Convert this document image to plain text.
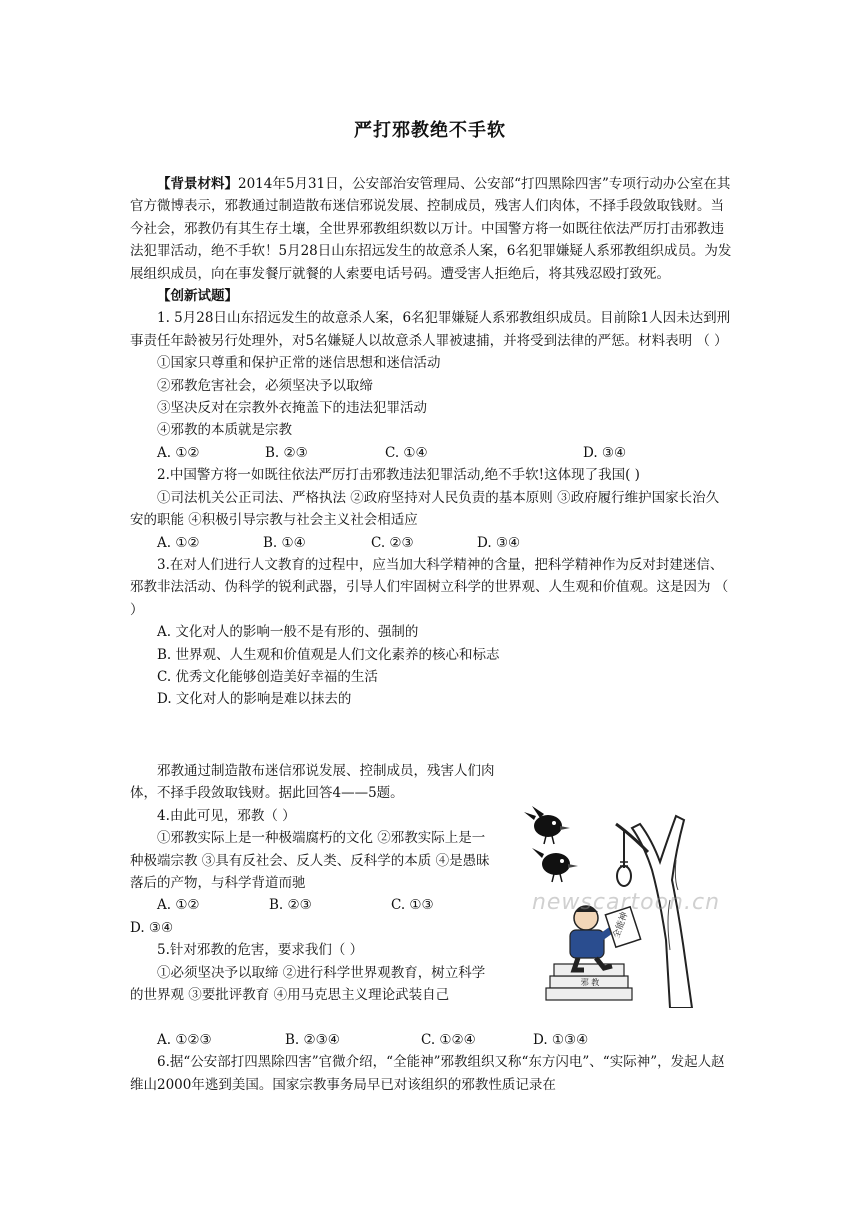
严打邪教绝不手软

【背景材料】2014年5月31日，公安部治安管理局、公安部“打四黑除四害”专项行动办公室在其官方微博表示，邪教通过制造散布迷信邪说发展、控制成员，残害人们肉体，不择手段敛取钱财。当今社会，邪教仍有其生存土壤，全世界邪教组织数以万计。中国警方将一如既往依法严厉打击邪教违法犯罪活动，绝不手软！5月28日山东招远发生的故意杀人案，6名犯罪嫌疑人系邪教组织成员。为发展组织成员，向在事发餐厅就餐的人索要电话号码。遭受害人拒绝后，将其残忍殴打致死。

【创新试题】

1. 5月28日山东招远发生的故意杀人案，6名犯罪嫌疑人系邪教组织成员。目前除1人因未达到刑事责任年龄被另行处理外，对5名嫌疑人以故意杀人罪被逮捕，并将受到法律的严惩。材料表明 （ ）

①国家只尊重和保护正常的迷信思想和迷信活动

②邪教危害社会，必须坚决予以取缔

③坚决反对在宗教外衣掩盖下的违法犯罪活动

④邪教的本质就是宗教

A. ①②	B. ②③	C. ①④	D. ③④

2.中国警方将一如既往依法严厉打击邪教违法犯罪活动,绝不手软!这体现了我国( )

①司法机关公正司法、严格执法 ②政府坚持对人民负责的基本原则 ③政府履行维护国家长治久安的职能 ④积极引导宗教与社会主义社会相适应

A. ①②	B. ①④	C. ②③	D. ③④

3.在对人们进行人文教育的过程中，应当加大科学精神的含量，把科学精神作为反对封建迷信、邪教非法活动、伪科学的锐利武器，引导人们牢固树立科学的世界观、人生观和价值观。这是因为 （ ）

A. 文化对人的影响一般不是有形的、强制的

B. 世界观、人生观和价值观是人们文化素养的核心和标志

C. 优秀文化能够创造美好幸福的生活

D. 文化对人的影响是难以抹去的

邪教通过制造散布迷信邪说发展、控制成员，残害人们肉体，不择手段敛取钱财。据此回答4——5题。

4.由此可见，邪教（ ）

①邪教实际上是一种极端腐朽的文化 ②邪教实际上是一种极端宗教 ③具有反社会、反人类、反科学的本质 ④是愚昧落后的产物，与科学背道而驰

A. ①②	B. ②③	C. ①③

D. ③④

5.针对邪教的危害，要求我们（ ）

①必须坚决予以取缔 ②进行科学世界观教育，树立科学的世界观 ③要批评教育 ④用马克思主义理论武装自己

A. ①②③	B. ②③④	C. ①②④	D. ①③④

6.据“公安部打四黑除四害”官微介绍，“全能神”邪教组织又称“东方闪电”、“实际神”，发起人赵维山2000年逃到美国。国家宗教事务局早已对该组织的邪教性质记录在

邪 教
全能神
newscartoon.cn
